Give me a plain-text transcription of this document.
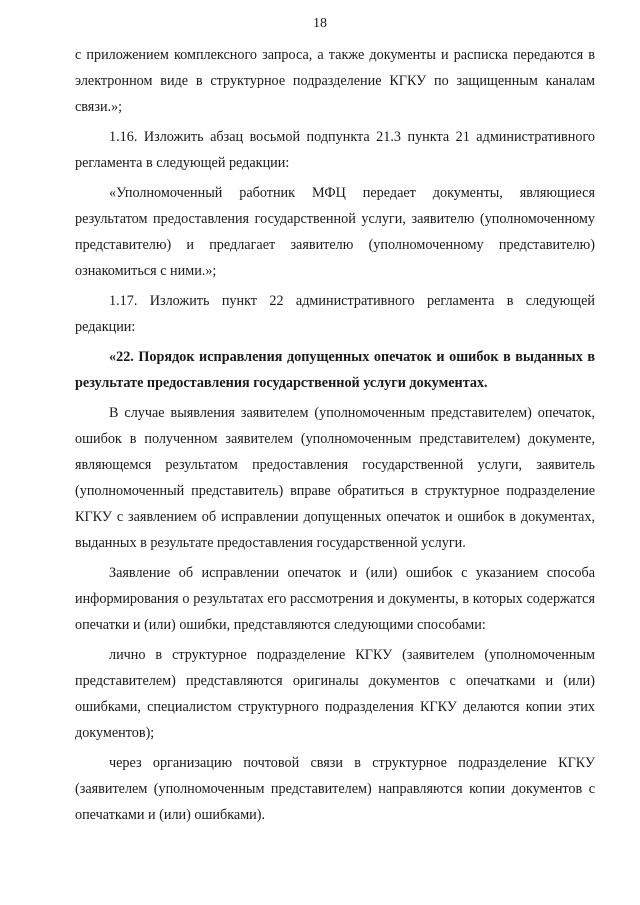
18

с приложением комплексного запроса, а также документы и расписка передаются в электронном виде в структурное подразделение КГКУ по защищенным каналам связи.»;

1.16. Изложить абзац восьмой подпункта 21.3 пункта 21 административного регламента в следующей редакции:

«Уполномоченный работник МФЦ передает документы, являющиеся результатом предоставления государственной услуги, заявителю (уполномоченному представителю) и предлагает заявителю (уполномоченному представителю) ознакомиться с ними.»;

1.17. Изложить пункт 22 административного регламента в следующей редакции:

«22. Порядок исправления допущенных опечаток и ошибок в выданных в результате предоставления государственной услуги документах.

В случае выявления заявителем (уполномоченным представителем) опечаток, ошибок в полученном заявителем (уполномоченным представителем) документе, являющемся результатом предоставления государственной услуги, заявитель (уполномоченный представитель) вправе обратиться в структурное подразделение КГКУ с заявлением об исправлении допущенных опечаток и ошибок в документах, выданных в результате предоставления государственной услуги.

Заявление об исправлении опечаток и (или) ошибок с указанием способа информирования о результатах его рассмотрения и документы, в которых содержатся опечатки и (или) ошибки, представляются следующими способами:

лично в структурное подразделение КГКУ (заявителем (уполномоченным представителем) представляются оригиналы документов с опечатками и (или) ошибками, специалистом структурного подразделения КГКУ делаются копии этих документов);

через организацию почтовой связи в структурное подразделение КГКУ (заявителем (уполномоченным представителем) направляются копии документов с опечатками и (или) ошибками).
